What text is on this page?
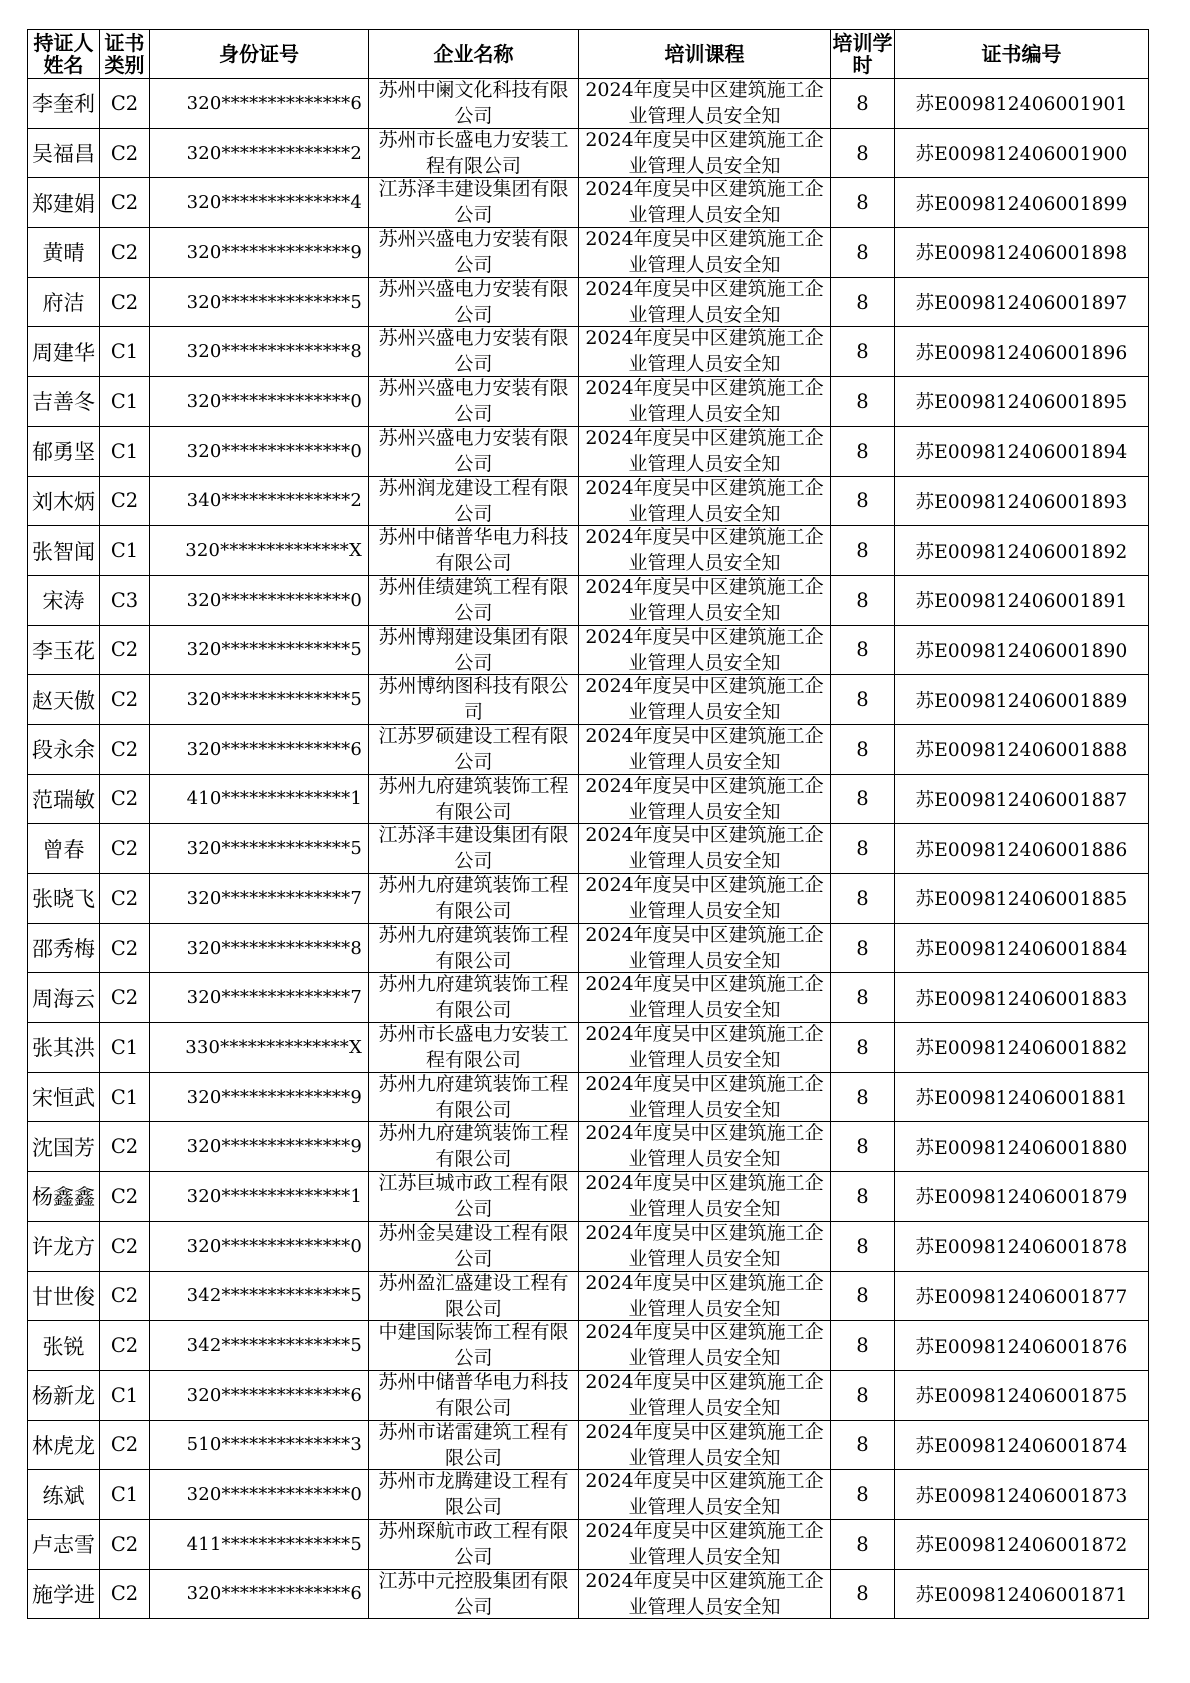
持证人姓名	证书类别	身份证号	企业名称	培训课程	培训学时	证书编号
李奎利	C2	320**************6	苏州中阑文化科技有限公司	2024年度吴中区建筑施工企业管理人员安全知	8	苏E009812406001901
吴福昌	C2	320**************2	苏州市长盛电力安装工程有限公司	2024年度吴中区建筑施工企业管理人员安全知	8	苏E009812406001900
郑建娟	C2	320**************4	江苏泽丰建设集团有限公司	2024年度吴中区建筑施工企业管理人员安全知	8	苏E009812406001899
黄晴	C2	320**************9	苏州兴盛电力安装有限公司	2024年度吴中区建筑施工企业管理人员安全知	8	苏E009812406001898
府洁	C2	320**************5	苏州兴盛电力安装有限公司	2024年度吴中区建筑施工企业管理人员安全知	8	苏E009812406001897
周建华	C1	320**************8	苏州兴盛电力安装有限公司	2024年度吴中区建筑施工企业管理人员安全知	8	苏E009812406001896
吉善冬	C1	320**************0	苏州兴盛电力安装有限公司	2024年度吴中区建筑施工企业管理人员安全知	8	苏E009812406001895
郁勇坚	C1	320**************0	苏州兴盛电力安装有限公司	2024年度吴中区建筑施工企业管理人员安全知	8	苏E009812406001894
刘木炳	C2	340**************2	苏州润龙建设工程有限公司	2024年度吴中区建筑施工企业管理人员安全知	8	苏E009812406001893
张智闻	C1	320**************X	苏州中储普华电力科技有限公司	2024年度吴中区建筑施工企业管理人员安全知	8	苏E009812406001892
宋涛	C3	320**************0	苏州佳绩建筑工程有限公司	2024年度吴中区建筑施工企业管理人员安全知	8	苏E009812406001891
李玉花	C2	320**************5	苏州博翔建设集团有限公司	2024年度吴中区建筑施工企业管理人员安全知	8	苏E009812406001890
赵天傲	C2	320**************5	苏州博纳图科技有限公司	2024年度吴中区建筑施工企业管理人员安全知	8	苏E009812406001889
段永余	C2	320**************6	江苏罗硕建设工程有限公司	2024年度吴中区建筑施工企业管理人员安全知	8	苏E009812406001888
范瑞敏	C2	410**************1	苏州九府建筑装饰工程有限公司	2024年度吴中区建筑施工企业管理人员安全知	8	苏E009812406001887
曾春	C2	320**************5	江苏泽丰建设集团有限公司	2024年度吴中区建筑施工企业管理人员安全知	8	苏E009812406001886
张晓飞	C2	320**************7	苏州九府建筑装饰工程有限公司	2024年度吴中区建筑施工企业管理人员安全知	8	苏E009812406001885
邵秀梅	C2	320**************8	苏州九府建筑装饰工程有限公司	2024年度吴中区建筑施工企业管理人员安全知	8	苏E009812406001884
周海云	C2	320**************7	苏州九府建筑装饰工程有限公司	2024年度吴中区建筑施工企业管理人员安全知	8	苏E009812406001883
张其洪	C1	330**************X	苏州市长盛电力安装工程有限公司	2024年度吴中区建筑施工企业管理人员安全知	8	苏E009812406001882
宋恒武	C1	320**************9	苏州九府建筑装饰工程有限公司	2024年度吴中区建筑施工企业管理人员安全知	8	苏E009812406001881
沈国芳	C2	320**************9	苏州九府建筑装饰工程有限公司	2024年度吴中区建筑施工企业管理人员安全知	8	苏E009812406001880
杨鑫鑫	C2	320**************1	江苏巨城市政工程有限公司	2024年度吴中区建筑施工企业管理人员安全知	8	苏E009812406001879
许龙方	C2	320**************0	苏州金吴建设工程有限公司	2024年度吴中区建筑施工企业管理人员安全知	8	苏E009812406001878
甘世俊	C2	342**************5	苏州盈汇盛建设工程有限公司	2024年度吴中区建筑施工企业管理人员安全知	8	苏E009812406001877
张锐	C2	342**************5	中建国际装饰工程有限公司	2024年度吴中区建筑施工企业管理人员安全知	8	苏E009812406001876
杨新龙	C1	320**************6	苏州中储普华电力科技有限公司	2024年度吴中区建筑施工企业管理人员安全知	8	苏E009812406001875
林虎龙	C2	510**************3	苏州市诺雷建筑工程有限公司	2024年度吴中区建筑施工企业管理人员安全知	8	苏E009812406001874
练斌	C1	320**************0	苏州市龙腾建设工程有限公司	2024年度吴中区建筑施工企业管理人员安全知	8	苏E009812406001873
卢志雪	C2	411**************5	苏州琛航市政工程有限公司	2024年度吴中区建筑施工企业管理人员安全知	8	苏E009812406001872
施学进	C2	320**************6	江苏中元控股集团有限公司	2024年度吴中区建筑施工企业管理人员安全知	8	苏E009812406001871
